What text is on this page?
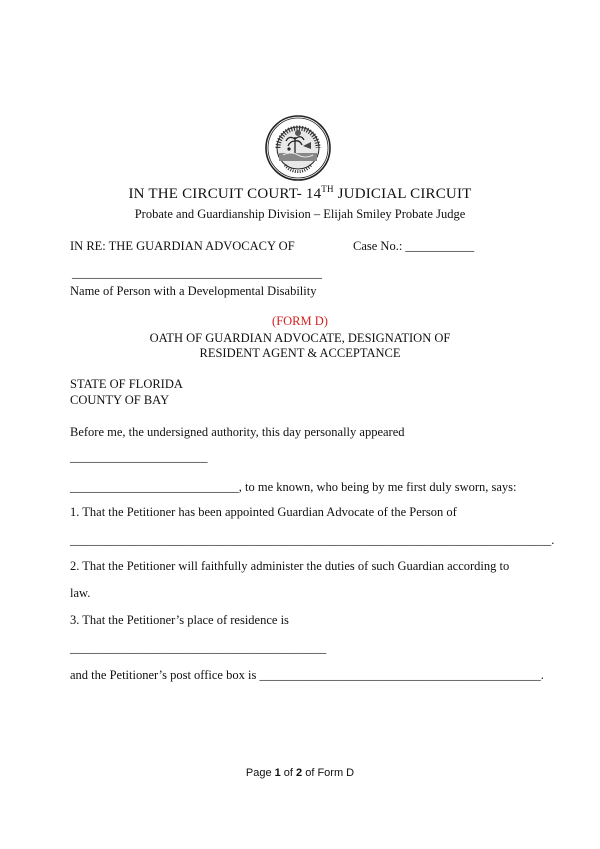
IN THE CIRCUIT COURT- 14TH JUDICIAL CIRCUIT
Probate and Guardianship Division – Elijah Smiley Probate Judge
IN RE: THE GUARDIAN ADVOCACY OF	Case No.: ___________
________________________________________
Name of Person with a Developmental Disability
(FORM D)
OATH OF GUARDIAN ADVOCATE, DESIGNATION OF
RESIDENT AGENT & ACCEPTANCE
STATE OF FLORIDA
COUNTY OF BAY
Before me, the undersigned authority, this day personally appeared
______________________
___________________________, to me known, who being by me first duly sworn, says:
1. That the Petitioner has been appointed Guardian Advocate of the Person of
_____________________________________________________________________________.
2. That the Petitioner will faithfully administer the duties of such Guardian according to
law.
3. That the Petitioner’s place of residence is
_________________________________________
and the Petitioner’s post office box is _____________________________________________.
Page 1 of 2 of Form D
